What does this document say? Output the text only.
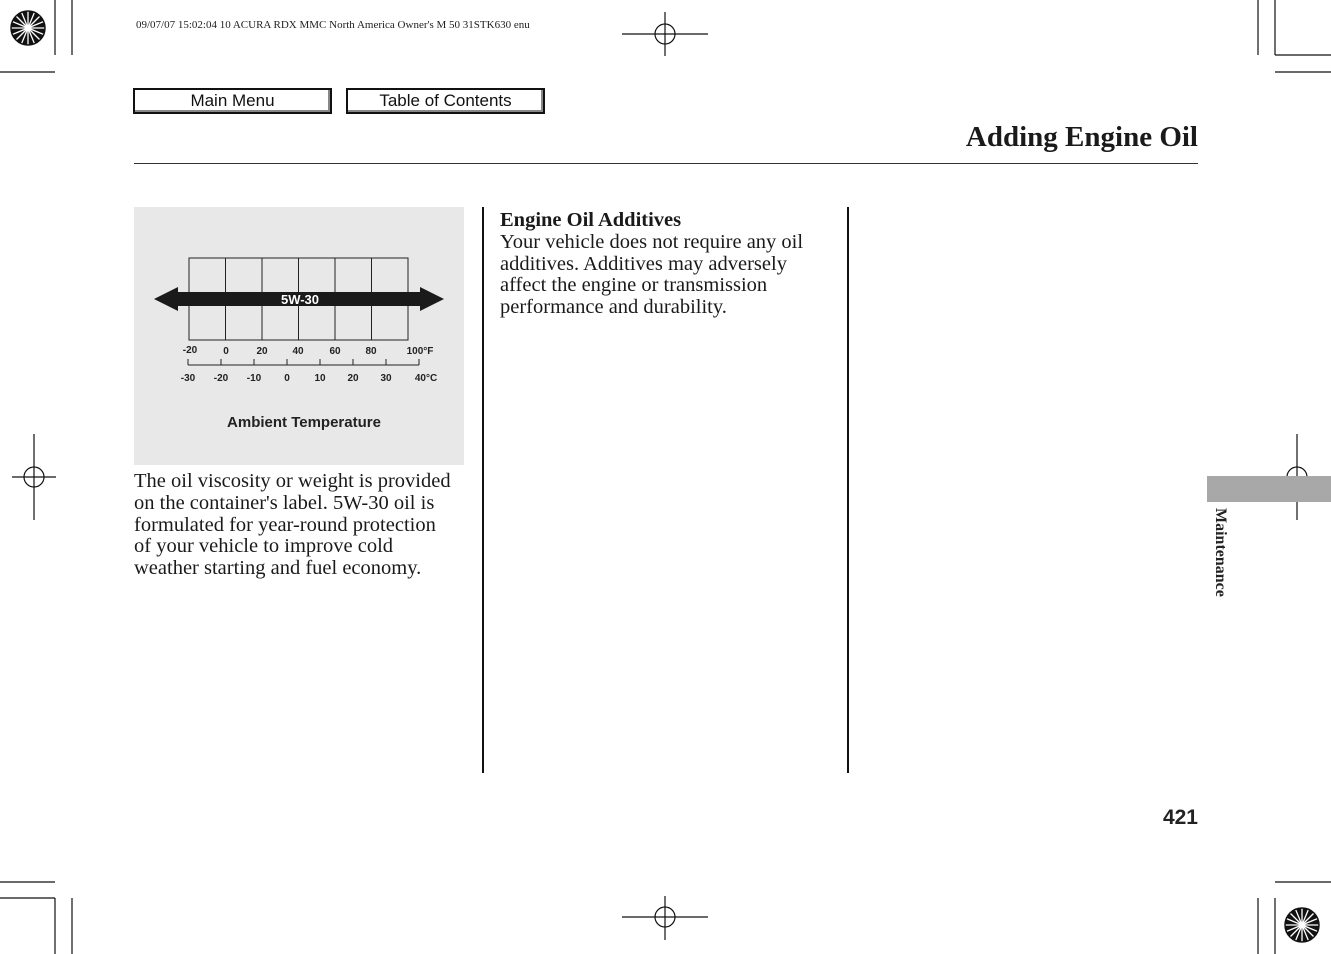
09/07/07 15:02:04 10 ACURA RDX MMC North America Owner's M 50 31STK630 enu
Main Menu	Table of Contents
Adding Engine Oil
5W-30
-20	0	20 40	60 80	100°F
-30 -20 -10 0 10 20 30 40°C
Ambient Temperature
The oil viscosity or weight is provided on the container's label. 5W-30 oil is formulated for year-round protection of your vehicle to improve cold weather starting and fuel economy.
Engine Oil Additives
Your vehicle does not require any oil additives. Additives may adversely affect the engine or transmission performance and durability.
Maintenance
421
